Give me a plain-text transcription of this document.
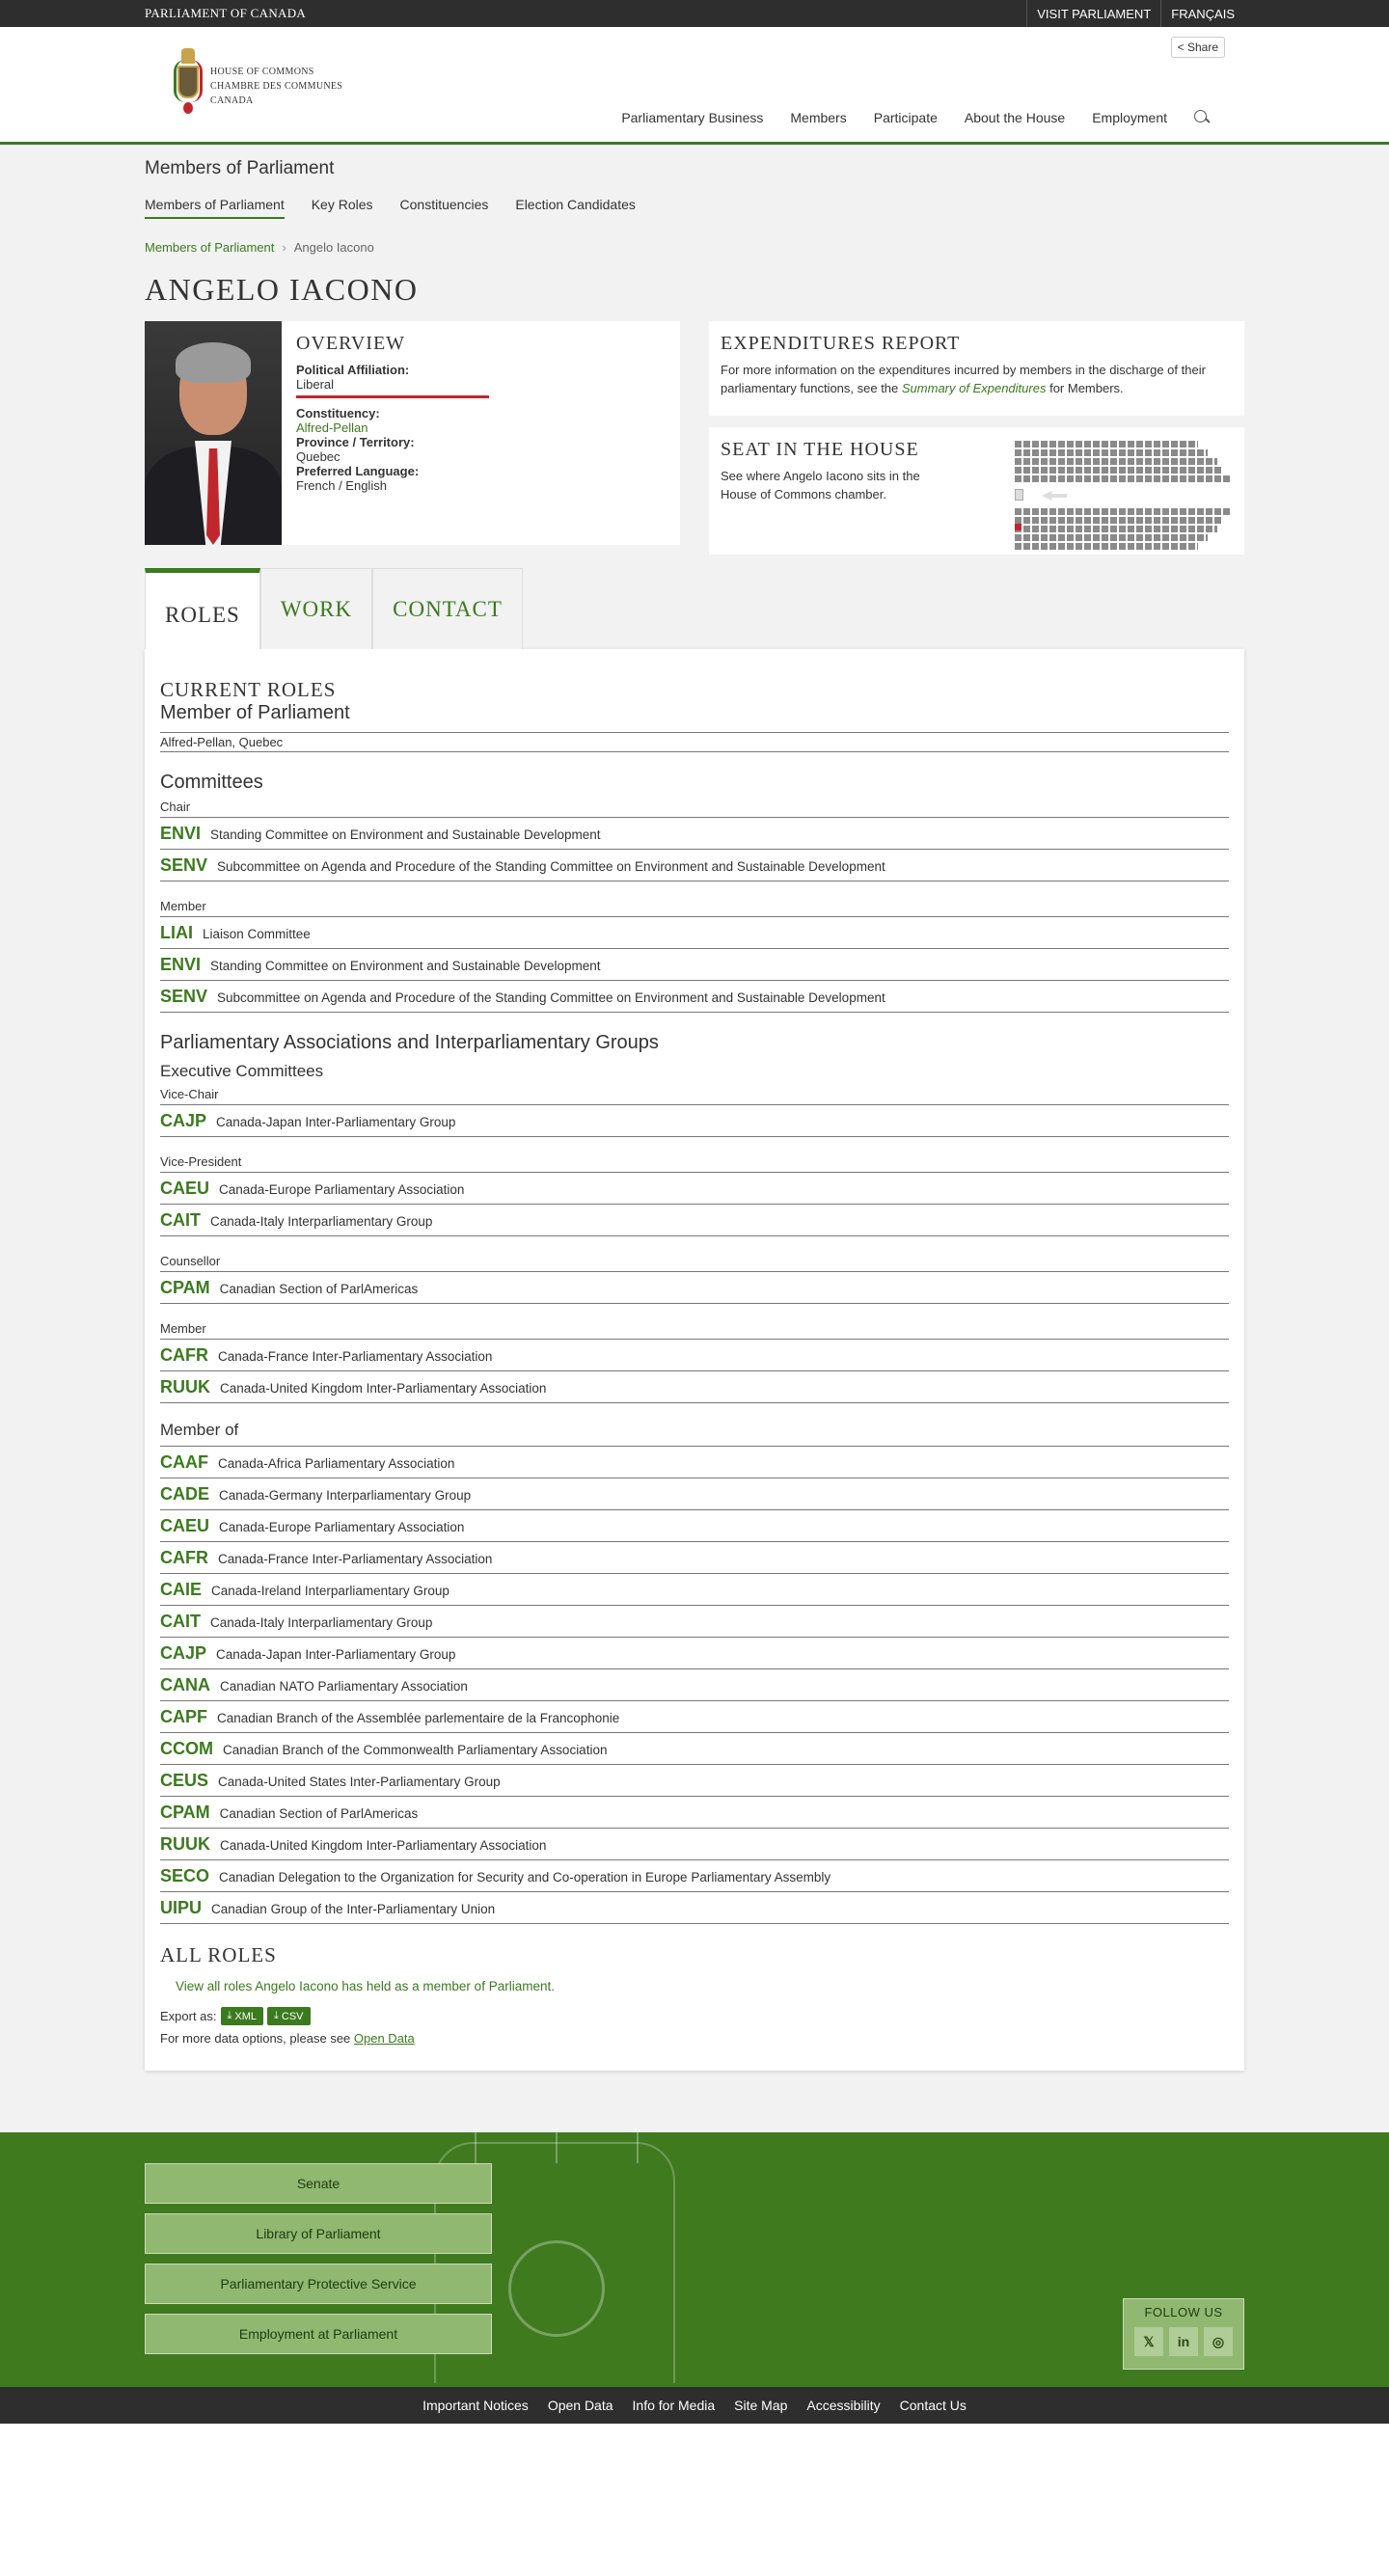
PARLIAMENT OF CANADA	VISIT PARLIAMENT	FRANÇAIS
HOUSE OF COMMONS
CHAMBRE DES COMMUNES
CANADA
< Share
Parliamentary Business Members Participate About the House Employment
Members of Parliament
Members of Parliament Key Roles Constituencies Election Candidates
Members of Parliament › Angelo Iacono
ANGELO IACONO
OVERVIEW
Political Affiliation:
Liberal
Constituency:
Alfred-Pellan
Province / Territory:
Quebec
Preferred Language:
French / English
EXPENDITURES REPORT

For more information on the expenditures incurred by members in the discharge of their parliamentary functions, see the Summary of Expenditures for Members.

SEAT IN THE HOUSE

See where Angelo Iacono sits in the House of Commons chamber.

ROLES	WORK	CONTACT
CURRENT ROLES
Member of Parliament
Alfred-Pellan, Quebec
Committees
Chair
ENVI Standing Committee on Environment and Sustainable Development
SENV Subcommittee on Agenda and Procedure of the Standing Committee on Environment and Sustainable Development
Member
LIAI Liaison Committee
ENVI Standing Committee on Environment and Sustainable Development
SENV Subcommittee on Agenda and Procedure of the Standing Committee on Environment and Sustainable Development
Parliamentary Associations and Interparliamentary Groups
Executive Committees
Vice-Chair
CAJP Canada-Japan Inter-Parliamentary Group
Vice-President
CAEU Canada-Europe Parliamentary Association
CAIT Canada-Italy Interparliamentary Group
Counsellor
CPAM Canadian Section of ParlAmericas
Member
CAFR Canada-France Inter-Parliamentary Association
RUUK Canada-United Kingdom Inter-Parliamentary Association
Member of
CAAF Canada-Africa Parliamentary Association
CADE Canada-Germany Interparliamentary Group
CAEU Canada-Europe Parliamentary Association
CAFR Canada-France Inter-Parliamentary Association
CAIE Canada-Ireland Interparliamentary Group
CAIT Canada-Italy Interparliamentary Group
CAJP Canada-Japan Inter-Parliamentary Group
CANA Canadian NATO Parliamentary Association
CAPF Canadian Branch of the Assemblée parlementaire de la Francophonie
CCOM Canadian Branch of the Commonwealth Parliamentary Association
CEUS Canada-United States Inter-Parliamentary Group
CPAM Canadian Section of ParlAmericas
RUUK Canada-United Kingdom Inter-Parliamentary Association
SECO Canadian Delegation to the Organization for Security and Co-operation in Europe Parliamentary Assembly
UIPU Canadian Group of the Inter-Parliamentary Union
ALL ROLES
View all roles Angelo Iacono has held as a member of Parliament.
Export as: ⤓ XML ⤓ CSV
For more data options, please see Open Data
Senate
Library of Parliament
Parliamentary Protective Service
Employment at Parliament
FOLLOW US
𝕏	in	◎
Important Notices Open Data Info for Media Site Map Accessibility Contact Us
